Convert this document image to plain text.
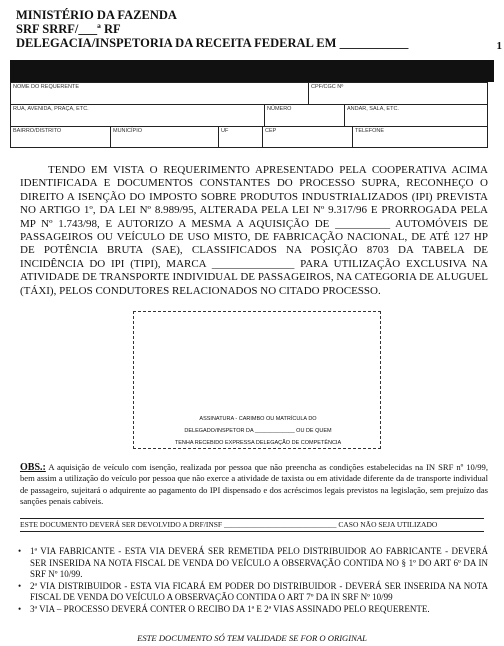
MINISTÉRIO DA FAZENDA
SRF SRRF/___ª RF
DELEGACIA/INSPETORIA DA RECEITA FEDERAL EM ___________	1
NOME DO REQUERENTE	CPF/CGC Nº
RUA, AVENIDA, PRAÇA, ETC.	NÚMERO	ANDAR, SALA, ETC.
BAIRRO/DISTRITO	MUNICÍPIO	UF	CEP	TELEFONE

TENDO EM VISTA O REQUERIMENTO APRESENTADO PELA COOPERATIVA ACIMA IDENTIFICADA E DOCUMENTOS CONSTANTES DO PROCESSO SUPRA, RECONHEÇO O DIREITO A ISENÇÃO DO IMPOSTO SOBRE PRODUTOS INDUSTRIALIZADOS (IPI) PREVISTA NO ARTIGO 1º, DA LEI Nº 8.989/95, ALTERADA PELA LEI Nº 9.317/96 E PRORROGADA PELA MP Nº 1.743/98, E AUTORIZO A MESMA A AQUISIÇÃO DE __________ AUTOMÓVEIS DE PASSAGEIROS OU VEÍCULO DE USO MISTO, DE FABRICAÇÃO NACIONAL, DE ATÉ 127 HP DE POTÊNCIA BRUTA (SAE), CLASSIFICADOS NA POSIÇÃO 8703 DA TABELA DE INCIDÊNCIA DO IPI (TIPI), MARCA _______________ PARA UTILIZAÇÃO EXCLUSIVA NA ATIVIDADE DE TRANSPORTE INDIVIDUAL DE PASSAGEIROS, NA CATEGORIA DE ALUGUEL (TÁXI), PELOS CONDUTORES RELACIONADOS NO CITADO PROCESSO.

ASSINATURA - CARIMBO OU MATRÍCULA DO
DELEGADO/INSPETOR DA _____________ OU DE QUEM
TENHA RECEBIDO EXPRESSA DELEGAÇÃO DE COMPETÊNCIA
OBS.: A aquisição de veículo com isenção, realizada por pessoa que não preencha as condições estabelecidas na IN SRF nº 10/99, bem assim a utilização do veículo por pessoa que não exerce a atividade de taxista ou em atividade diferente da de transporte individual de passageiro, sujeitará o adquirente ao pagamento do IPI dispensado e dos acréscimos legais previstos na legislação, sem prejuízo das sanções penais cabíveis.
ESTE DOCUMENTO DEVERÁ SER DEVOLVIDO A DRF/INSF ______________________________ CASO NÃO SEJA UTILIZADO
• 1ª VIA FABRICANTE - ESTA VIA DEVERÁ SER REMETIDA PELO DISTRIBUIDOR AO FABRICANTE - DEVERÁ SER INSERIDA NA NOTA FISCAL DE VENDA DO VEÍCULO A OBSERVAÇÃO CONTIDA NO § 1º DO ART 6º DA IN SRF Nº 10/99.
• 2ª VIA DISTRIBUIDOR - ESTA VIA FICARÁ EM PODER DO DISTRIBUIDOR - DEVERÁ SER INSERIDA NA NOTA FISCAL DE VENDA DO VEÍCULO A OBSERVAÇÃO CONTIDA O ART 7º DA IN SRF Nº 10/99
• 3ª VIA – PROCESSO DEVERÁ CONTER O RECIBO DA 1ª E 2ª VIAS ASSINADO PELO REQUERENTE.
ESTE DOCUMENTO SÓ TEM VALIDADE SE FOR O ORIGINAL
